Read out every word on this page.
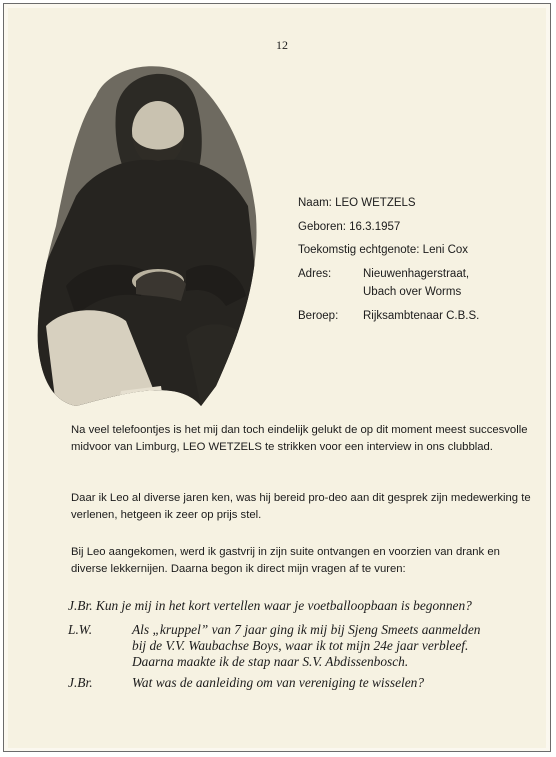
12
Naam: LEO WETZELS
Geboren: 16.3.1957
Toekomstig echtgenote: Leni Cox
Adres:	Nieuwenhagerstraat,
Ubach over Worms
Beroep: Rijksambtenaar C.B.S.
Na veel telefoontjes is het mij dan toch eindelijk gelukt de op dit moment meest succesvolle midvoor van Limburg, LEO WETZELS te strikken voor een interview in ons clubblad.
Daar ik Leo al diverse jaren ken, was hij bereid pro-deo aan dit gesprek zijn medewerking te verlenen, hetgeen ik zeer op prijs stel.
Bij Leo aangekomen, werd ik gastvrij in zijn suite ontvangen en voorzien van drank en diverse lekkernijen. Daarna begon ik direct mijn vragen af te vuren:
J.Br. Kun je mij in het kort vertellen waar je voetballoopbaan is begonnen?
L.W.	Als „kruppel” van 7 jaar ging ik mij bij Sjeng Smeets aanmelden
bij de V.V. Waubachse Boys, waar ik tot mijn 24e jaar verbleef.
Daarna maakte ik de stap naar S.V. Abdissenbosch.
J.Br.	Wat was de aanleiding om van vereniging te wisselen?
